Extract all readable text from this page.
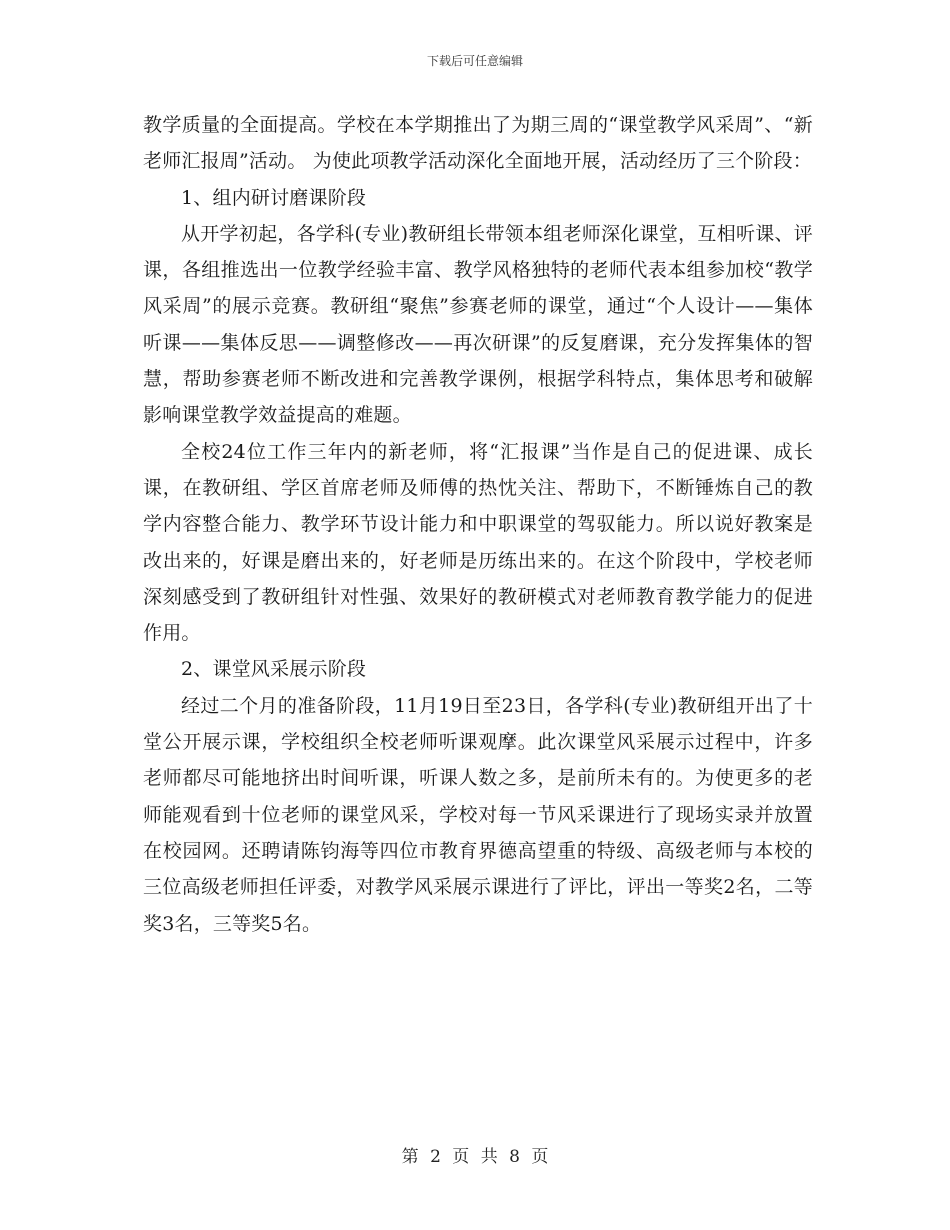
下载后可任意编辑

教学质量的全面提高。学校在本学期推出了为期三周的“课堂教学风采周”、“新老师汇报周”活动。 为使此项教学活动深化全面地开展，活动经历了三个阶段：

1、组内研讨磨课阶段

从开学初起，各学科(专业)教研组长带领本组老师深化课堂，互相听课、评课，各组推选出一位教学经验丰富、教学风格独特的老师代表本组参加校“教学风采周”的展示竞赛。教研组“聚焦”参赛老师的课堂，通过“个人设计——集体听课——集体反思——调整修改——再次研课”的反复磨课，充分发挥集体的智慧，帮助参赛老师不断改进和完善教学课例，根据学科特点，集体思考和破解影响课堂教学效益提高的难题。

全校24位工作三年内的新老师，将“汇报课”当作是自己的促进课、成长课，在教研组、学区首席老师及师傅的热忱关注、帮助下，不断锤炼自己的教学内容整合能力、教学环节设计能力和中职课堂的驾驭能力。所以说好教案是改出来的，好课是磨出来的，好老师是历练出来的。在这个阶段中，学校老师深刻感受到了教研组针对性强、效果好的教研模式对老师教育教学能力的促进作用。

2、课堂风采展示阶段

经过二个月的准备阶段，11月19日至23日，各学科(专业)教研组开出了十堂公开展示课，学校组织全校老师听课观摩。此次课堂风采展示过程中，许多老师都尽可能地挤出时间听课，听课人数之多，是前所未有的。为使更多的老师能观看到十位老师的课堂风采，学校对每一节风采课进行了现场实录并放置在校园网。还聘请陈钧海等四位市教育界德高望重的特级、高级老师与本校的三位高级老师担任评委，对教学风采展示课进行了评比，评出一等奖2名，二等奖3名，三等奖5名。

第 2 页 共 8 页
